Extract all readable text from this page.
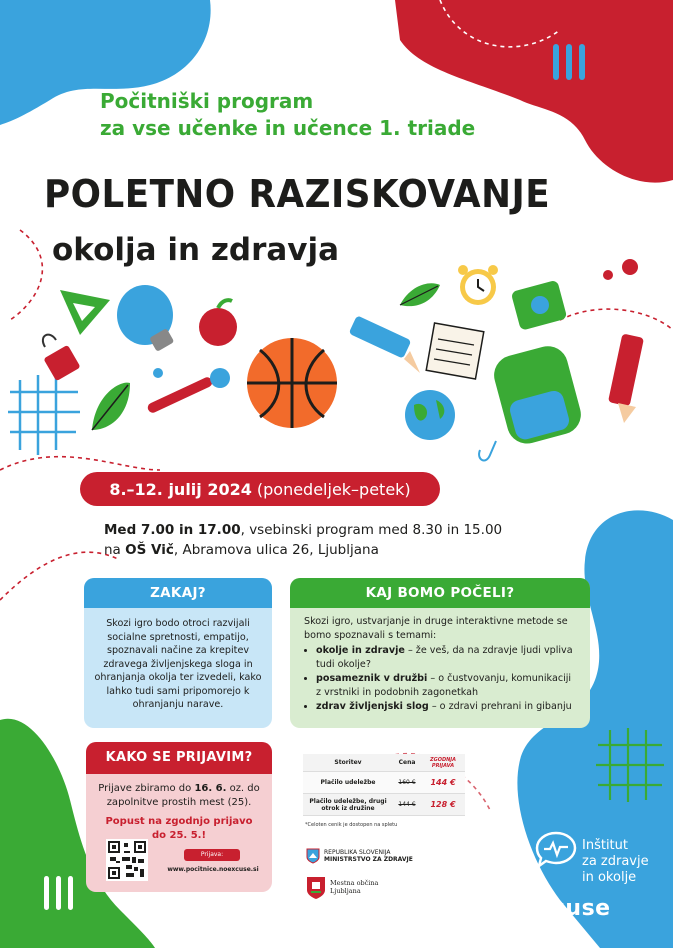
Počitniški program
za vse učenke in učence 1. triade
POLETNO RAZISKOVANJE
okolja in zdravja
8.–12. julij 2024 (ponedeljek–petek)
Med 7.00 in 17.00, vsebinski program med 8.30 in 15.00
na OŠ Vič, Abramova ulica 26, Ljubljana
ZAKAJ?
Skozi igro bodo otroci razvijali socialne spretnosti, empatijo, spoznavali načine za krepitev zdravega življenjskega sloga in ohranjanja okolja ter izvedeli, kako lahko tudi sami pripomorejo k ohranjanju narave.
KAJ BOMO POČELI?
Skozi igro, ustvarjanje in druge interaktivne metode se bomo spoznavali s temami:
• okolje in zdravje – že veš, da na zdravje ljudi vpliva tudi okolje?
• posameznik v družbi – o čustvovanju, komunikaciji z vrstniki in podobnih zagonetkah
• zdrav življenjski slog – o zdravi prehrani in gibanju
KAKO SE PRIJAVIM?
Prijave zbiramo do 16. 6. oz. do zapolnitve prostih mest (25).
Popust na zgodnjo prijavo
do 25. 5.!
Prijava:
www.pocitnice.noexcuse.si
Storitev	Cena	ZGODNJA PRIJAVA
Plačilo udeležbe	160 €	144 €
Plačilo udeležbe, drugi otrok iz družine	144 €	128 €
*Celoten cenik je dostopen na spletu
REPUBLIKA SLOVENIJA
MINISTRSTVO ZA ZDRAVJE
Mestna občina
Ljubljana
Inštitut
za zdravje
in okolje
noexcuse
